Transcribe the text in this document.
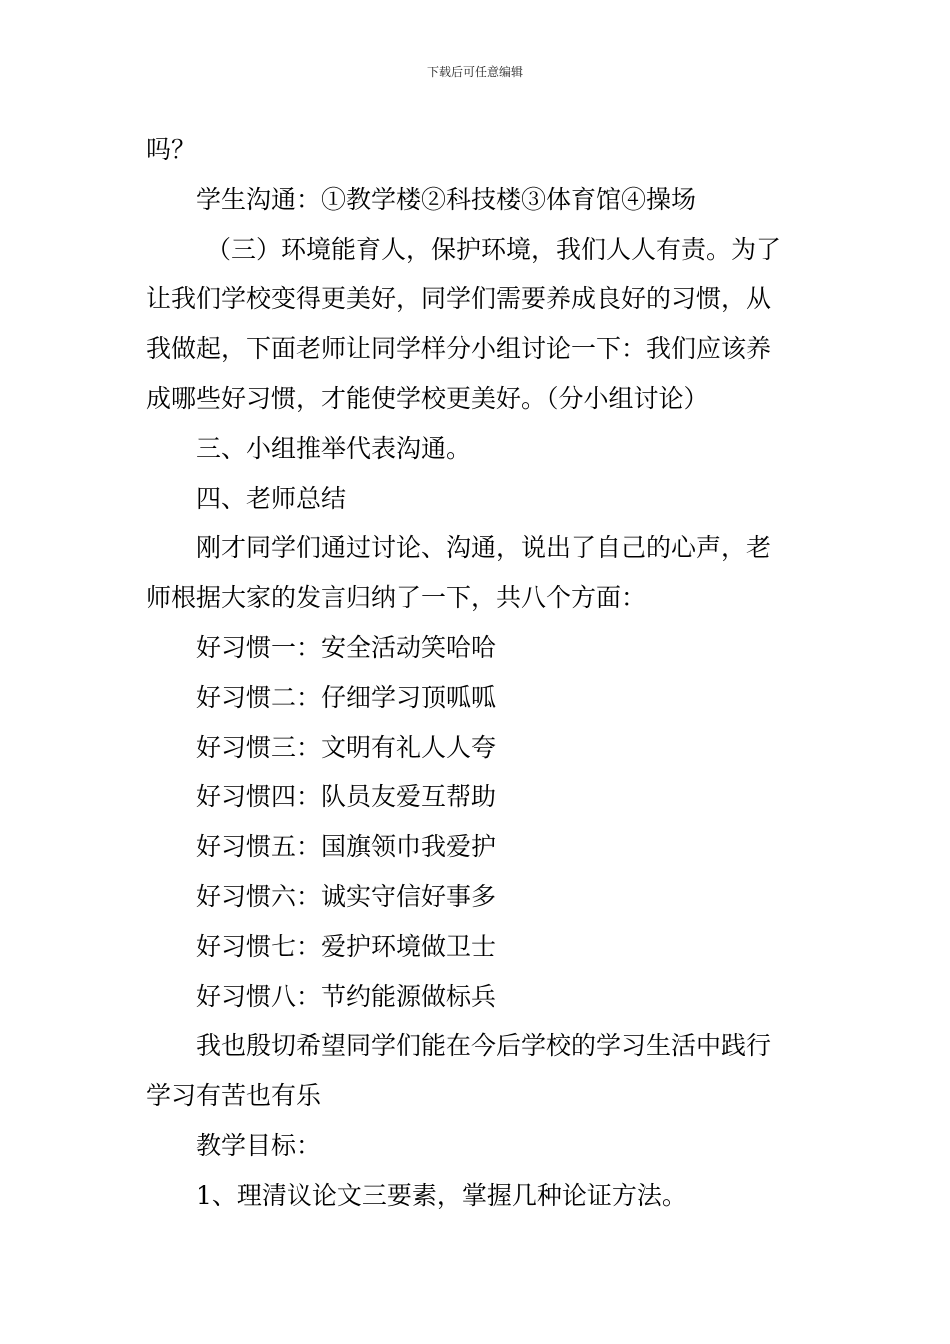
下载后可任意编辑

吗？

学生沟通：①教学楼②科技楼③体育馆④操场

（三）环境能育人，保护环境，我们人人有责。为了

让我们学校变得更美好，同学们需要养成良好的习惯，从

我做起，下面老师让同学样分小组讨论一下：我们应该养

成哪些好习惯，才能使学校更美好。（分小组讨论）

三、小组推举代表沟通。

四、老师总结

刚才同学们通过讨论、沟通，说出了自己的心声，老

师根据大家的发言归纳了一下，共八个方面：

好习惯一：安全活动笑哈哈

好习惯二：仔细学习顶呱呱

好习惯三：文明有礼人人夸

好习惯四：队员友爱互帮助

好习惯五：国旗领巾我爱护

好习惯六：诚实守信好事多

好习惯七：爱护环境做卫士

好习惯八：节约能源做标兵

我也殷切希望同学们能在今后学校的学习生活中践行

学习有苦也有乐

教学目标：

1、理清议论文三要素，掌握几种论证方法。
